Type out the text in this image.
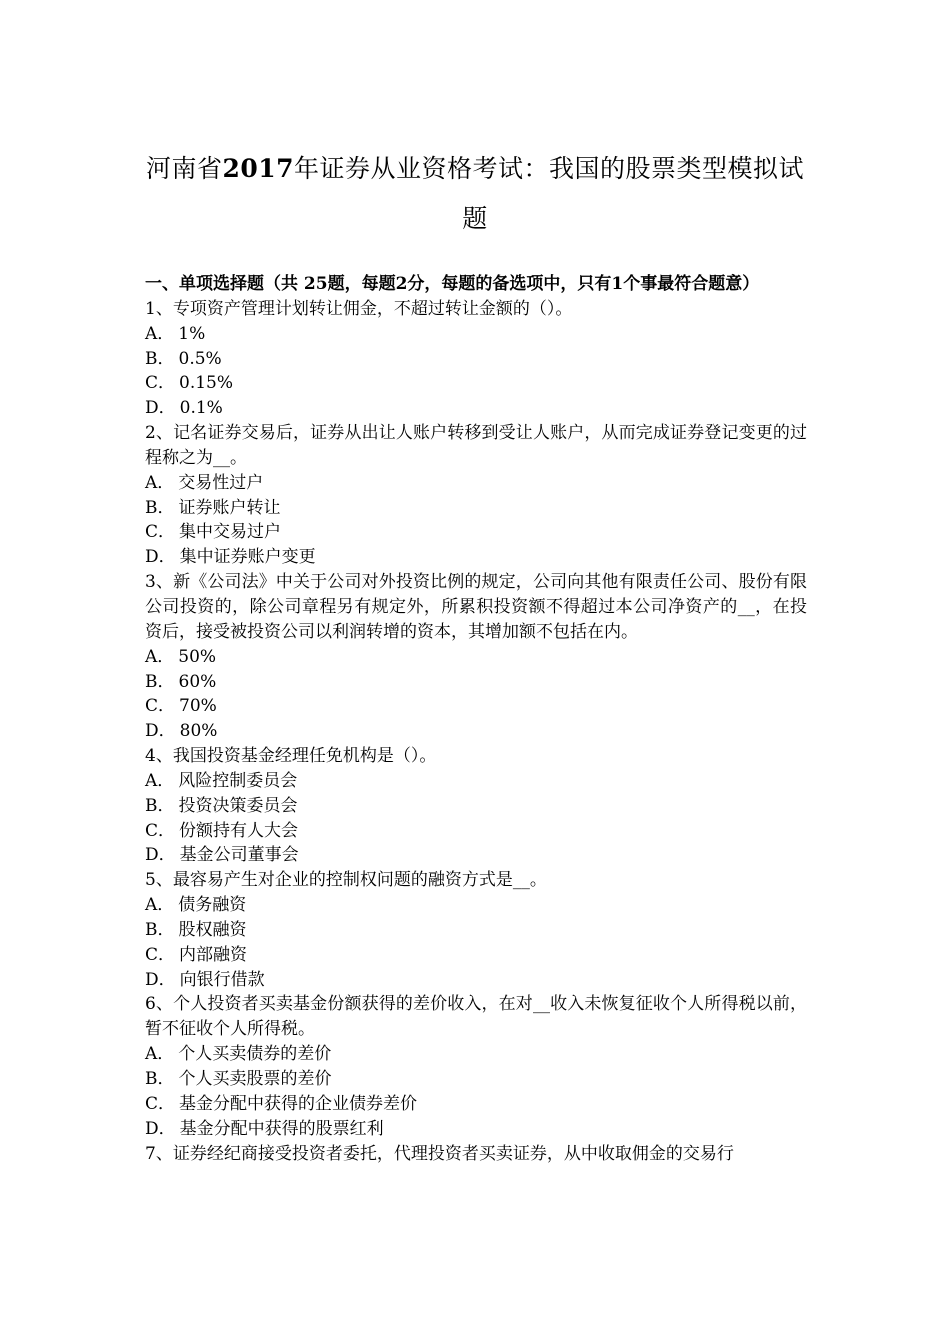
河南省2017年证券从业资格考试：我国的股票类型模拟试题
一、单项选择题（共 25题，每题2分，每题的备选项中，只有1个事最符合题意）
1、专项资产管理计划转让佣金，不超过转让金额的（）。
A． 1%
B． 0.5%
C． 0.15%
D． 0.1%
2、记名证券交易后，证券从出让人账户转移到受让人账户，从而完成证券登记变更的过程称之为__。
A． 交易性过户
B． 证券账户转让
C． 集中交易过户
D． 集中证券账户变更
3、新《公司法》中关于公司对外投资比例的规定，公司向其他有限责任公司、股份有限公司投资的，除公司章程另有规定外，所累积投资额不得超过本公司净资产的__，在投资后，接受被投资公司以利润转增的资本，其增加额不包括在内。
A． 50%
B． 60%
C． 70%
D． 80%
4、我国投资基金经理任免机构是（）。
A． 风险控制委员会
B． 投资决策委员会
C． 份额持有人大会
D． 基金公司董事会
5、最容易产生对企业的控制权问题的融资方式是__。
A． 债务融资
B． 股权融资
C． 内部融资
D． 向银行借款
6、个人投资者买卖基金份额获得的差价收入，在对__收入未恢复征收个人所得税以前，暂不征收个人所得税。
A． 个人买卖债券的差价
B． 个人买卖股票的差价
C． 基金分配中获得的企业债券差价
D． 基金分配中获得的股票红利
7、证券经纪商接受投资者委托，代理投资者买卖证券，从中收取佣金的交易行
